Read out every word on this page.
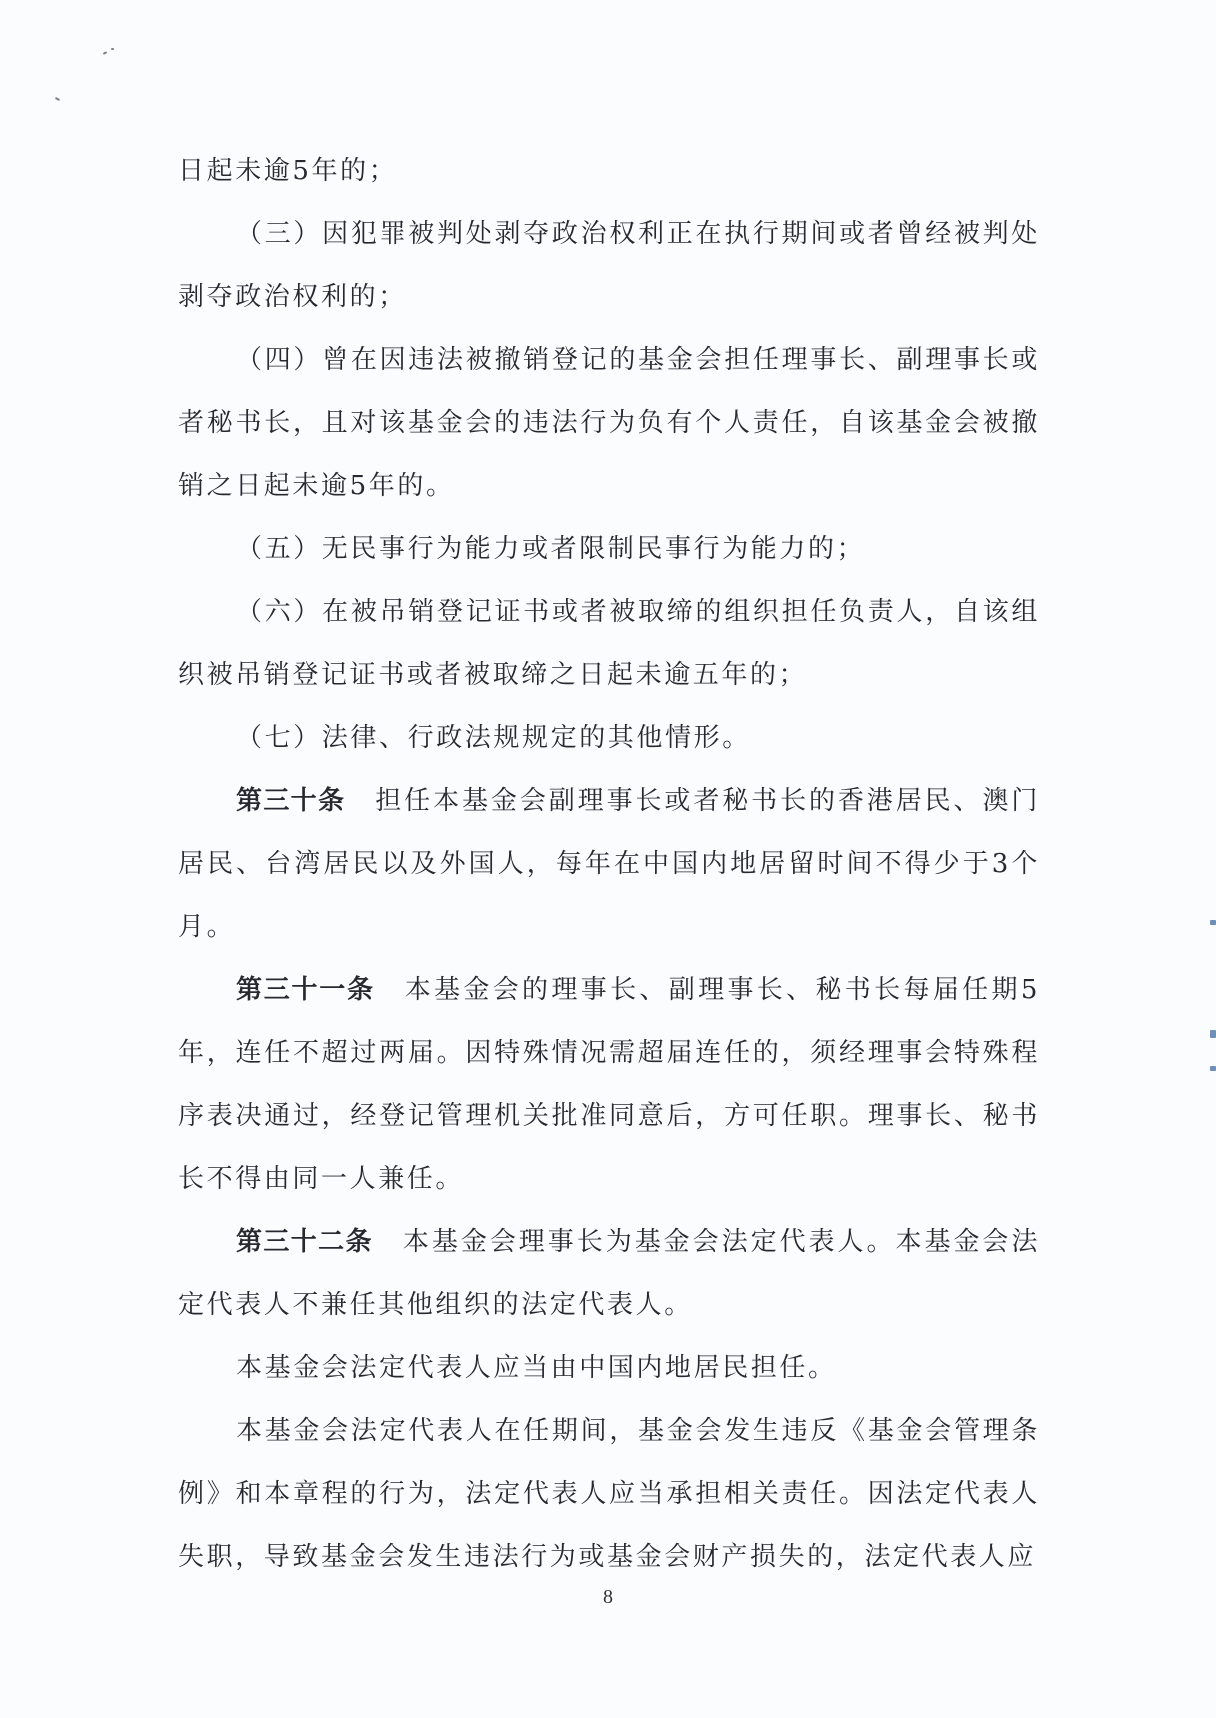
日起未逾5年的；

（三）因犯罪被判处剥夺政治权利正在执行期间或者曾经被判处剥夺政治权利的；

（四）曾在因违法被撤销登记的基金会担任理事长、副理事长或者秘书长，且对该基金会的违法行为负有个人责任，自该基金会被撤销之日起未逾5年的。

（五）无民事行为能力或者限制民事行为能力的；

（六）在被吊销登记证书或者被取缔的组织担任负责人，自该组织被吊销登记证书或者被取缔之日起未逾五年的；

（七）法律、行政法规规定的其他情形。

第三十条 担任本基金会副理事长或者秘书长的香港居民、澳门居民、台湾居民以及外国人，每年在中国内地居留时间不得少于3个月。

第三十一条 本基金会的理事长、副理事长、秘书长每届任期5年，连任不超过两届。因特殊情况需超届连任的，须经理事会特殊程序表决通过，经登记管理机关批准同意后，方可任职。理事长、秘书长不得由同一人兼任。

第三十二条 本基金会理事长为基金会法定代表人。本基金会法定代表人不兼任其他组织的法定代表人。

本基金会法定代表人应当由中国内地居民担任。

本基金会法定代表人在任期间，基金会发生违反《基金会管理条例》和本章程的行为，法定代表人应当承担相关责任。因法定代表人失职，导致基金会发生违法行为或基金会财产损失的，法定代表人应

8
